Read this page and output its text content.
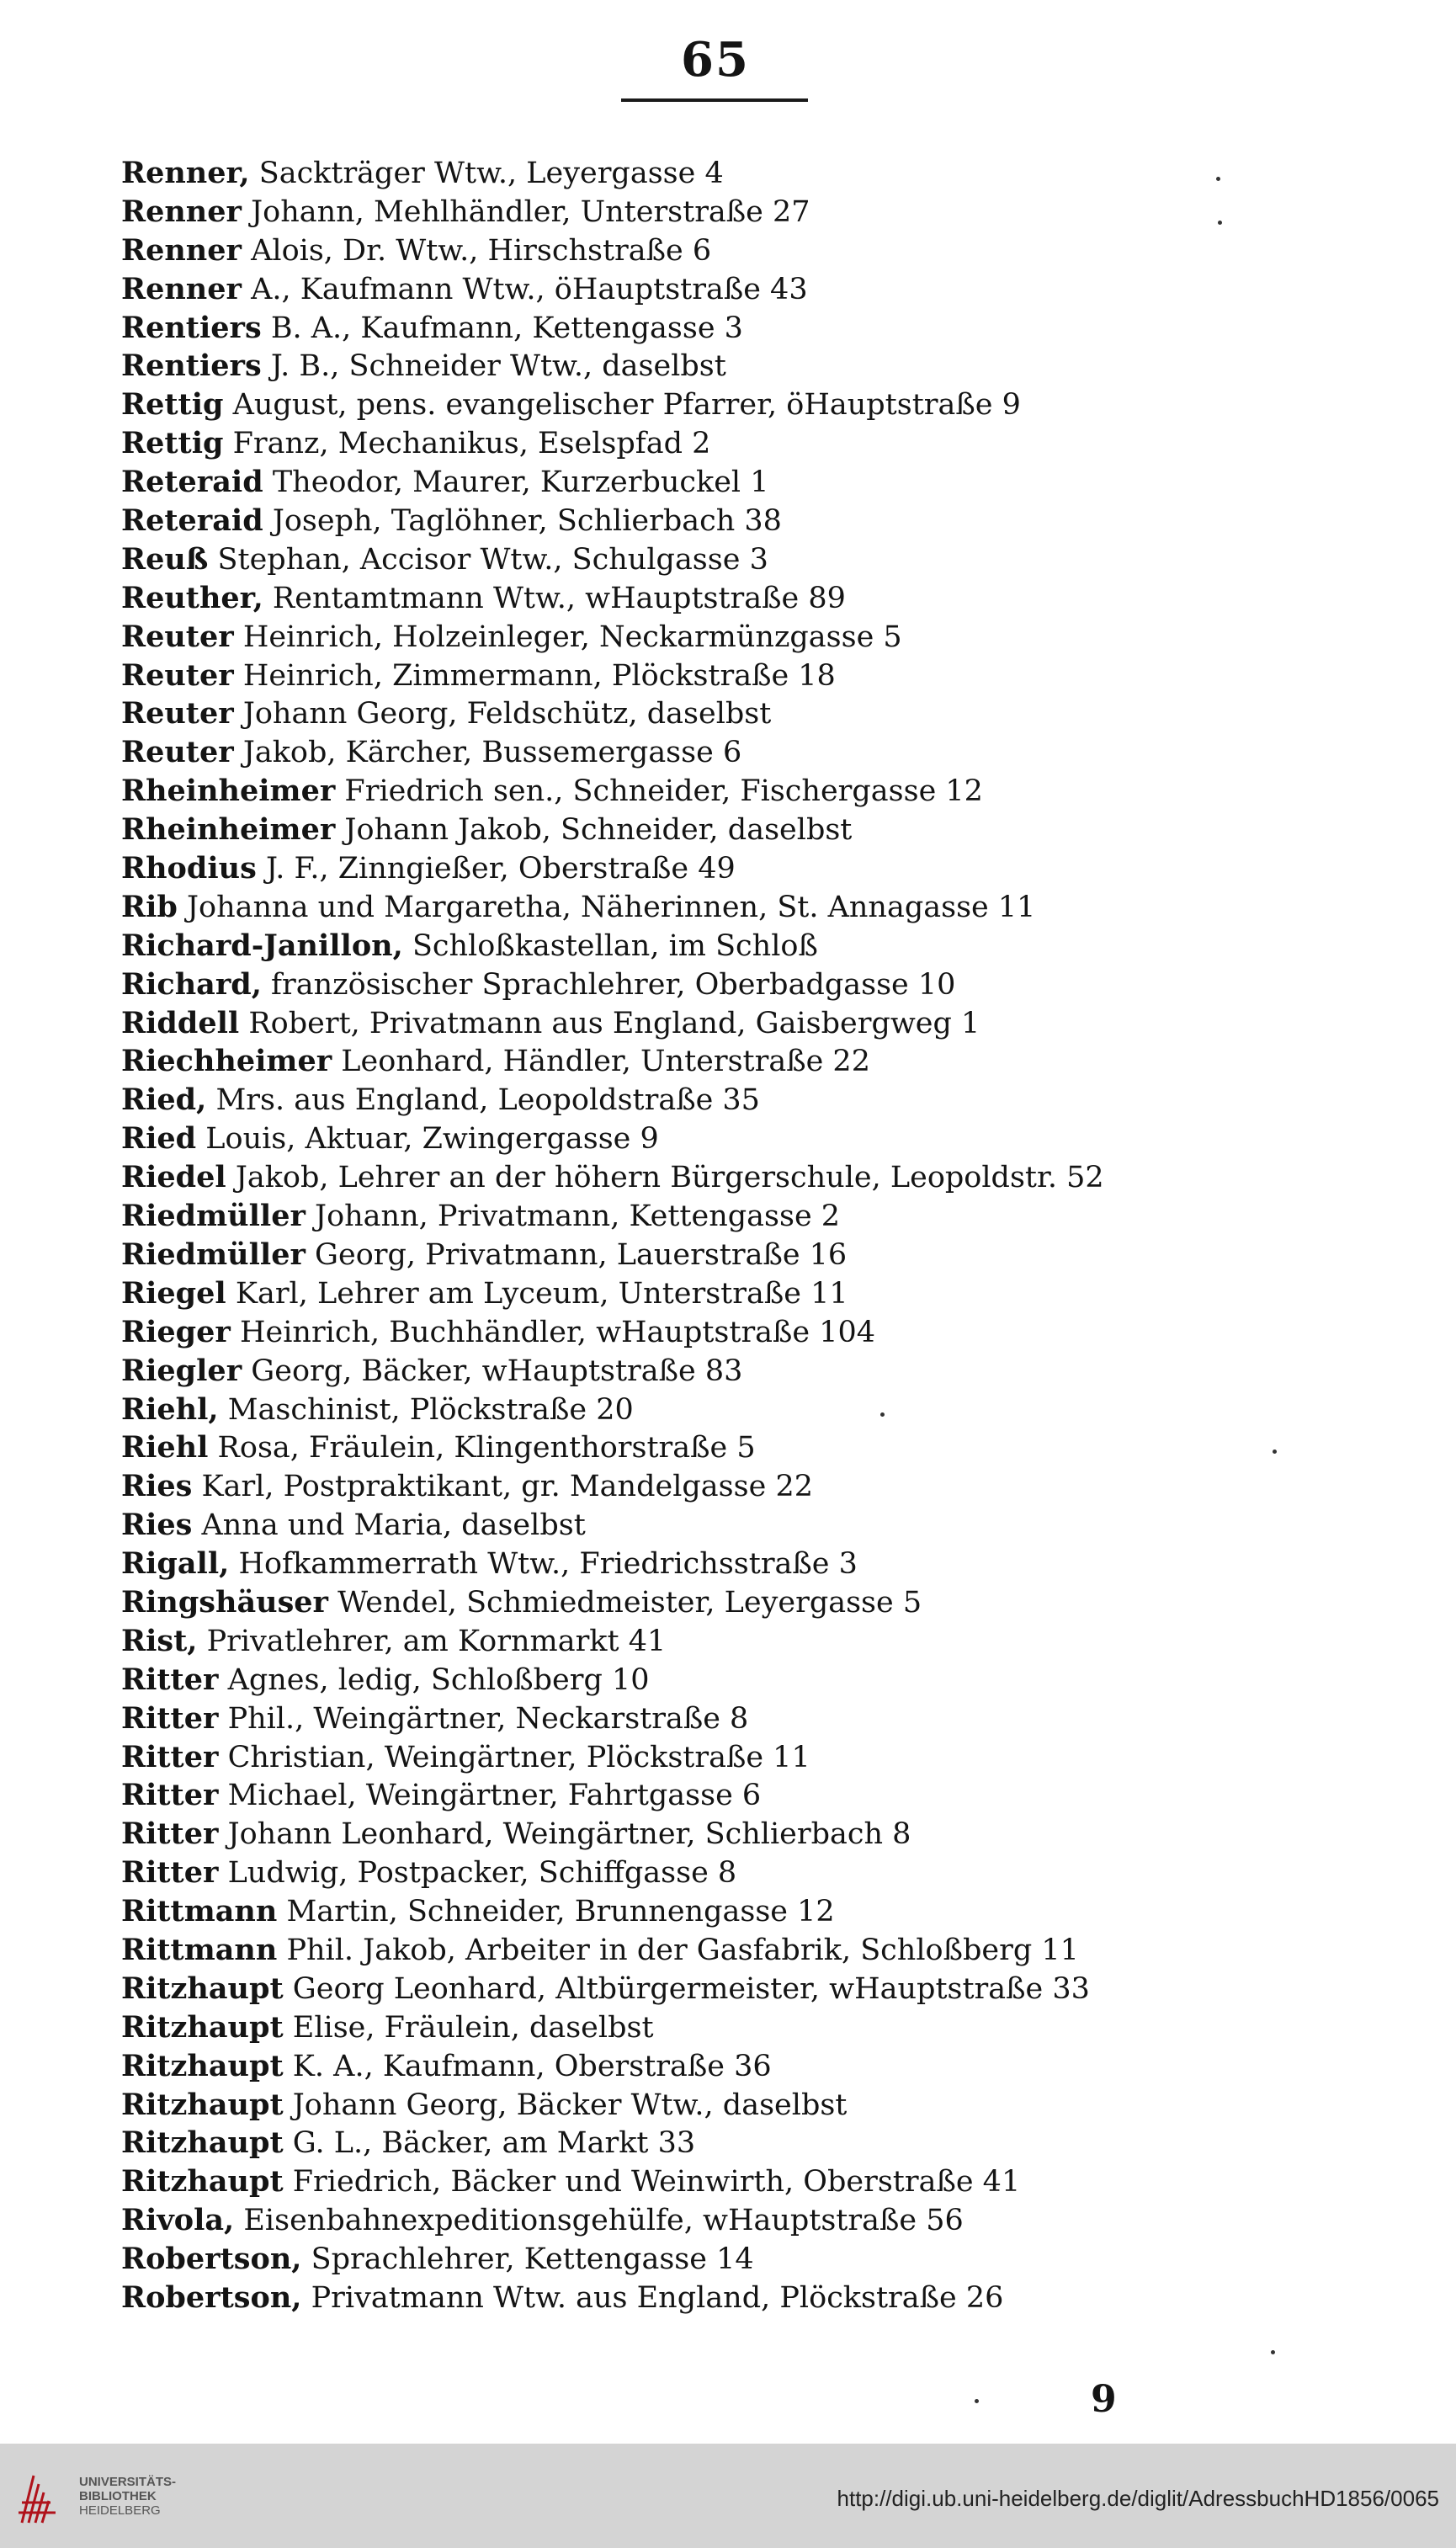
65
Renner, Sackträger Wtw., Leyergasse 4
Renner Johann, Mehlhändler, Unterstraße 27
Renner Alois, Dr. Wtw., Hirschstraße 6
Renner A., Kaufmann Wtw., öHauptstraße 43
Rentiers B. A., Kaufmann, Kettengasse 3
Rentiers J. B., Schneider Wtw., daselbst
Rettig August, pens. evangelischer Pfarrer, öHauptstraße 9
Rettig Franz, Mechanikus, Eselspfad 2
Reteraid Theodor, Maurer, Kurzerbuckel 1
Reteraid Joseph, Taglöhner, Schlierbach 38
Reuß Stephan, Accisor Wtw., Schulgasse 3
Reuther, Rentamtmann Wtw., wHauptstraße 89
Reuter Heinrich, Holzeinleger, Neckarmünzgasse 5
Reuter Heinrich, Zimmermann, Plöckstraße 18
Reuter Johann Georg, Feldschütz, daselbst
Reuter Jakob, Kärcher, Bussemergasse 6
Rheinheimer Friedrich sen., Schneider, Fischergasse 12
Rheinheimer Johann Jakob, Schneider, daselbst
Rhodius J. F., Zinngießer, Oberstraße 49
Rib Johanna und Margaretha, Näherinnen, St. Annagasse 11
Richard-Janillon, Schloßkastellan, im Schloß
Richard, französischer Sprachlehrer, Oberbadgasse 10
Riddell Robert, Privatmann aus England, Gaisbergweg 1
Riechheimer Leonhard, Händler, Unterstraße 22
Ried, Mrs. aus England, Leopoldstraße 35
Ried Louis, Aktuar, Zwingergasse 9
Riedel Jakob, Lehrer an der höhern Bürgerschule, Leopoldstr. 52
Riedmüller Johann, Privatmann, Kettengasse 2
Riedmüller Georg, Privatmann, Lauerstraße 16
Riegel Karl, Lehrer am Lyceum, Unterstraße 11
Rieger Heinrich, Buchhändler, wHauptstraße 104
Riegler Georg, Bäcker, wHauptstraße 83
Riehl, Maschinist, Plöckstraße 20
Riehl Rosa, Fräulein, Klingenthorstraße 5
Ries Karl, Postpraktikant, gr. Mandelgasse 22
Ries Anna und Maria, daselbst
Rigall, Hofkammerrath Wtw., Friedrichsstraße 3
Ringshäuser Wendel, Schmiedmeister, Leyergasse 5
Rist, Privatlehrer, am Kornmarkt 41
Ritter Agnes, ledig, Schloßberg 10
Ritter Phil., Weingärtner, Neckarstraße 8
Ritter Christian, Weingärtner, Plöckstraße 11
Ritter Michael, Weingärtner, Fahrtgasse 6
Ritter Johann Leonhard, Weingärtner, Schlierbach 8
Ritter Ludwig, Postpacker, Schiffgasse 8
Rittmann Martin, Schneider, Brunnengasse 12
Rittmann Phil. Jakob, Arbeiter in der Gasfabrik, Schloßberg 11
Ritzhaupt Georg Leonhard, Altbürgermeister, wHauptstraße 33
Ritzhaupt Elise, Fräulein, daselbst
Ritzhaupt K. A., Kaufmann, Oberstraße 36
Ritzhaupt Johann Georg, Bäcker Wtw., daselbst
Ritzhaupt G. L., Bäcker, am Markt 33
Ritzhaupt Friedrich, Bäcker und Weinwirth, Oberstraße 41
Rivola, Eisenbahnexpeditionsgehülfe, wHauptstraße 56
Robertson, Sprachlehrer, Kettengasse 14
Robertson, Privatmann Wtw. aus England, Plöckstraße 26
9
UNIVERSITÄTS-
BIBLIOTHEK
HEIDELBERG	http://digi.ub.uni-heidelberg.de/diglit/AdressbuchHD1856/0065
